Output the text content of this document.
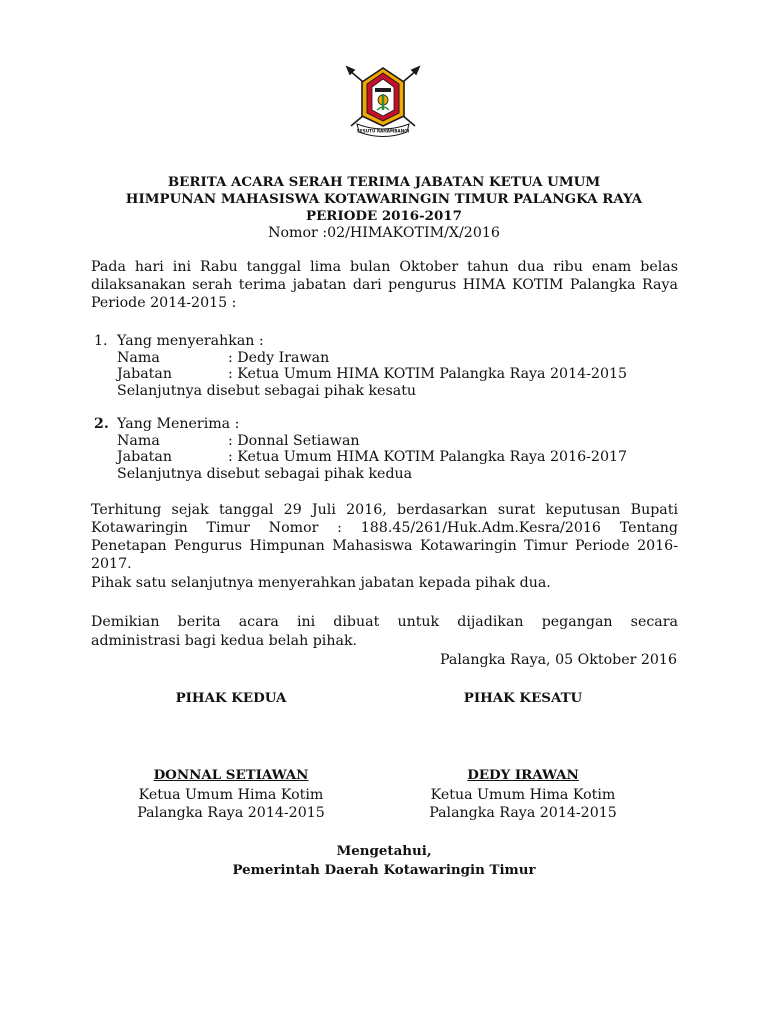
SESUTU RAHAMBANGI
BERITA ACARA SERAH TERIMA JABATAN KETUA UMUM
HIMPUNAN MAHASISWA KOTAWARINGIN TIMUR PALANGKA RAYA
PERIODE 2016-2017
Nomor :02/HIMAKOTIM/X/2016
Pada hari ini Rabu tanggal lima bulan Oktober tahun dua ribu enam belas
dilaksanakan serah terima jabatan dari pengurus HIMA KOTIM Palangka Raya
Periode 2014-2015 :
1. Yang menyerahkan :
Nama	: Dedy Irawan
Jabatan	: Ketua Umum HIMA KOTIM Palangka Raya 2014-2015
Selanjutnya disebut sebagai pihak kesatu
2. Yang Menerima :
Nama	: Donnal Setiawan
Jabatan	: Ketua Umum HIMA KOTIM Palangka Raya 2016-2017
Selanjutnya disebut sebagai pihak kedua
Terhitung sejak tanggal 29 Juli 2016, berdasarkan surat keputusan Bupati
Kotawaringin Timur Nomor : 188.45/261/Huk.Adm.Kesra/2016 Tentang
Penetapan Pengurus Himpunan Mahasiswa Kotawaringin Timur Periode 2016-
2017.
Pihak satu selanjutnya menyerahkan jabatan kepada pihak dua.
Demikian berita acara ini dibuat untuk dijadikan pegangan secara
administrasi bagi kedua belah pihak.
Palangka Raya, 05 Oktober 2016
PIHAK KEDUA	PIHAK KESATU
DONNAL SETIAWAN
Ketua Umum Hima Kotim
Palangka Raya 2014-2015
DEDY IRAWAN
Ketua Umum Hima Kotim
Palangka Raya 2014-2015
Mengetahui,
Pemerintah Daerah Kotawaringin Timur
